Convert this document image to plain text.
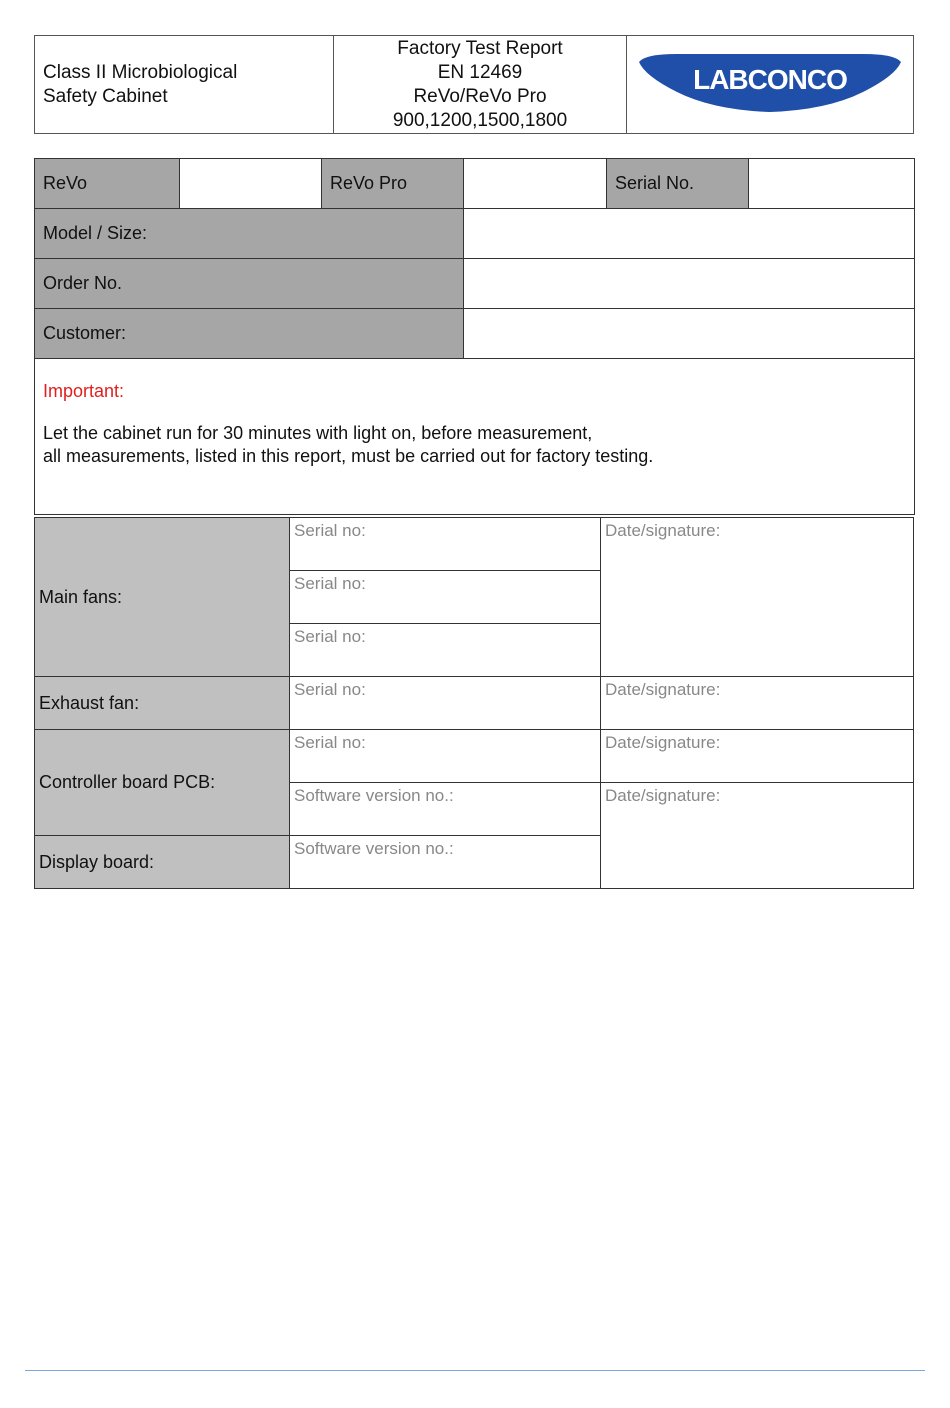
Class II Microbiological
Safety Cabinet

Factory Test Report
EN 12469
ReVo/ReVo Pro
900,1200,1500,1800

LABCONCO
ReVo		ReVo Pro		Serial No.	
Model / Size:					
Order No.					
Customer:					

Important:
Let the cabinet run for 30 minutes with light on, before measurement,
all measurements, listed in this report, must be carried out for factory testing.					
Main fans:	Serial no:	Date/signature:
	Serial no:	
	Serial no:	
Exhaust fan:	Serial no:	Date/signature:
Controller board PCB:	Serial no:	Date/signature:
	Software version no.:	Date/signature:
Display board:	Software version no.:	
